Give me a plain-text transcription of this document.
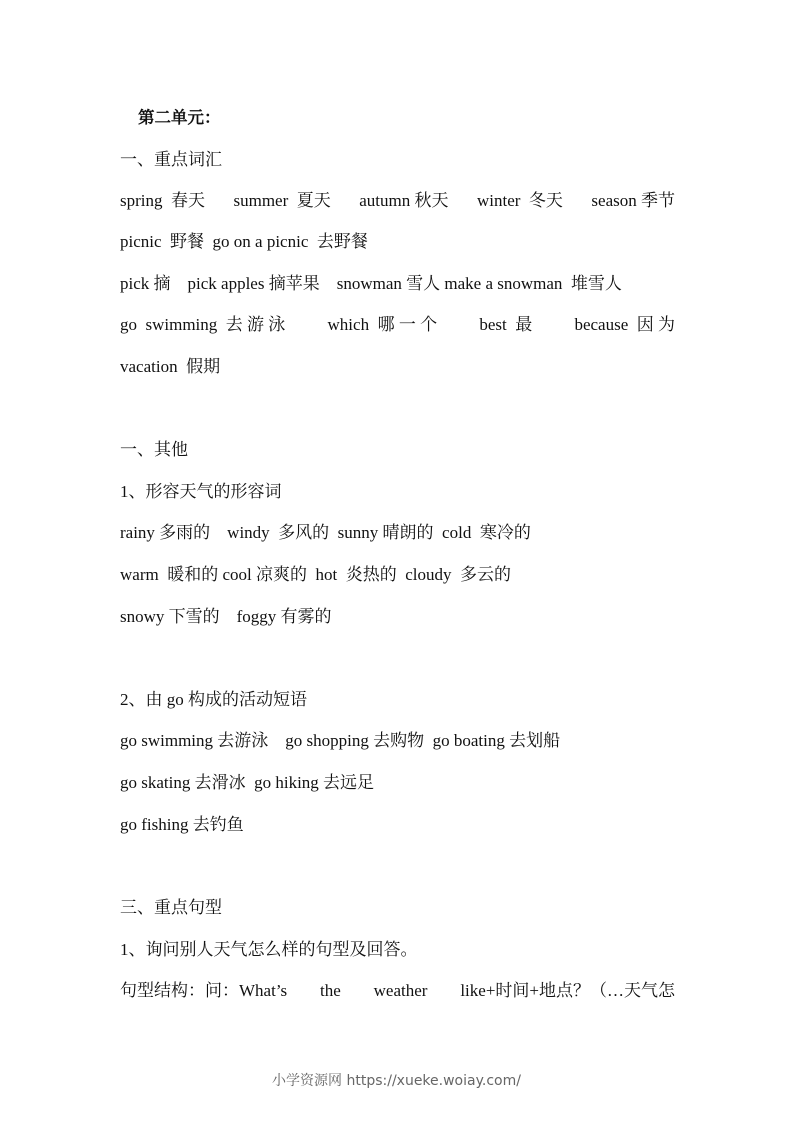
第二单元：
一、重点词汇
spring  春天 summer  夏天 autumn 秋天 winter  冬天 season 季节
picnic  野餐  go on a picnic  去野餐
pick 摘    pick apples 摘苹果    snowman 雪人 make a snowman  堆雪人
go  swimming  去 游 泳 which  哪 一 个 best  最 because  因 为
vacation  假期
一、其他
1、形容天气的形容词
rainy 多雨的    windy  多风的  sunny 晴朗的  cold  寒冷的
warm  暖和的 cool 凉爽的  hot  炎热的  cloudy  多云的
snowy 下雪的    foggy 有雾的
2、由 go 构成的活动短语
go swimming 去游泳    go shopping 去购物  go boating 去划船
go skating 去滑冰  go hiking 去远足
go fishing 去钓鱼
三、重点句型
1、询问别人天气怎么样的句型及回答。
句型结构：问：What’s the weather like+时间+地点？（…天气怎
小学资源网 https://xueke.woiay.com/
